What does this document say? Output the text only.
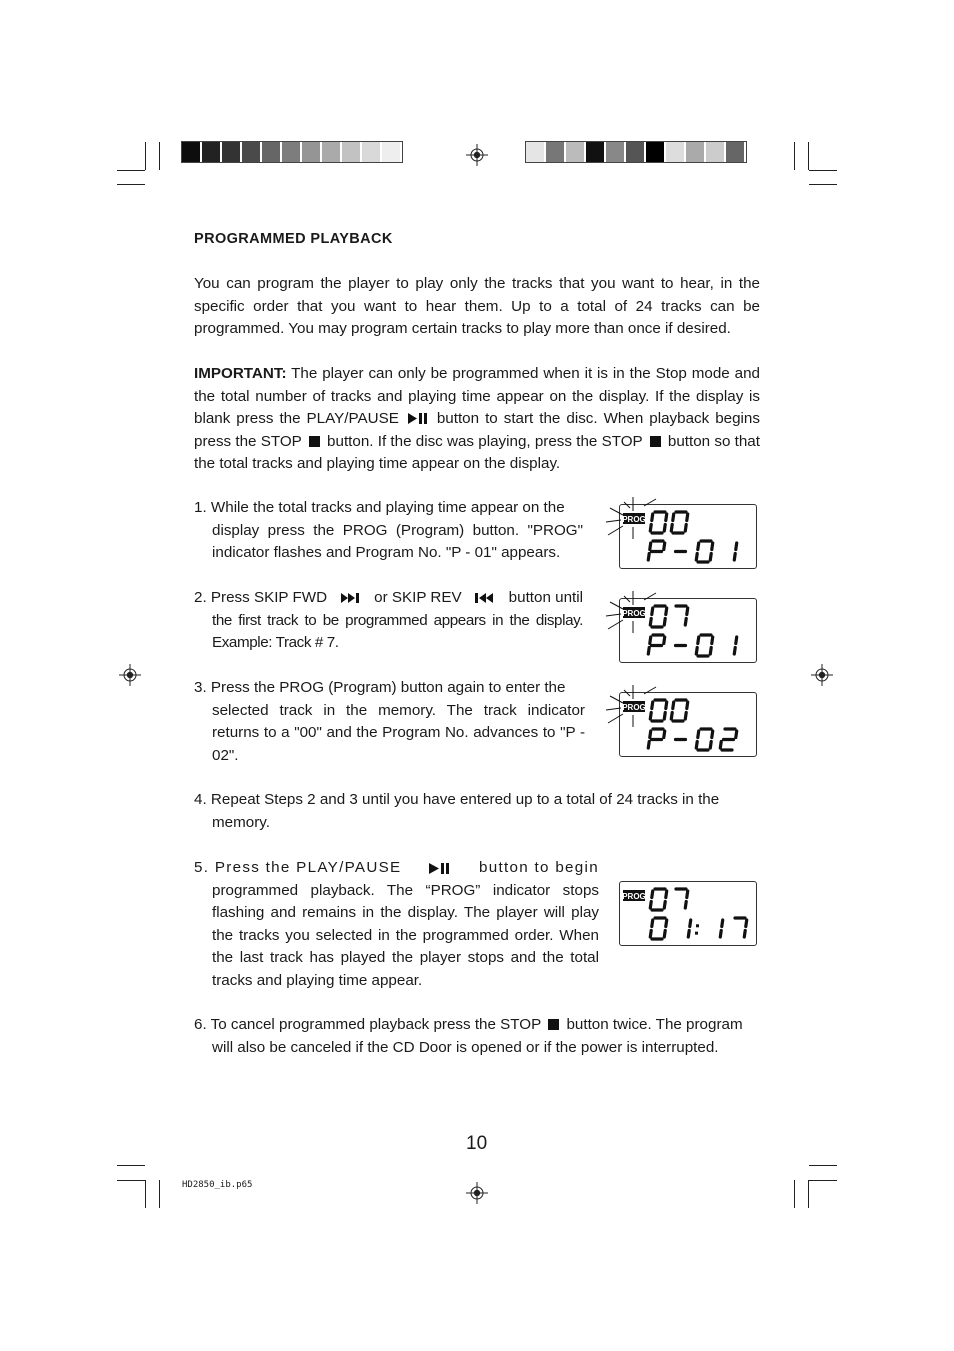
PROGRAMMED PLAYBACK
You can program the player to play only the tracks that you want to hear, in the specific order that you want to hear them. Up to a total of 24 tracks can be programmed. You may program certain tracks to play more than once if desired.
IMPORTANT: The player can only be programmed when it is in the Stop mode and the total number of tracks and playing time appear on the display. If the display is blank press the PLAY/PAUSE	button to start the disc. When playback begins press the STOP button. If the disc was playing, press the STOP button so that the total tracks and playing time appear on the display.
1. While the total tracks and playing time appear on the
display press the PROG (Program) button. "PROG" indicator flashes and Program No. "P - 01" appears.
2. Press SKIP FWD	or SKIP REV	button until
the first track to be programmed appears in the display. Example: Track # 7.
3. Press the PROG (Program) button again to enter the
selected track in the memory. The track indicator returns to a "00" and the Program No. advances to "P - 02".
4. Repeat Steps 2 and 3 until you have entered up to a total of 24 tracks in the
memory.
5. Press the PLAY/PAUSE	button to begin
programmed playback. The “PROG” indicator stops flashing and remains in the display. The player will play the tracks you selected in the programmed order. When the last track has played the player stops and the total tracks and playing time appear.
6. To cancel programmed playback press the STOP button twice. The program
will also be canceled if the CD Door is opened or if the power is interrupted.
PROG
PROG
PROG
PROG
10
HD2850_ib.p65
